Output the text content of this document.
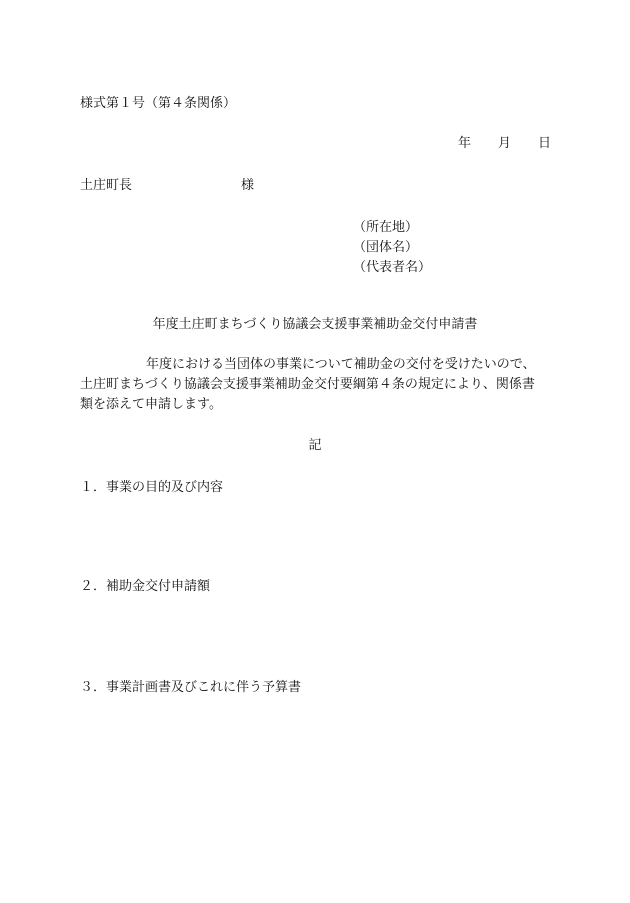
様式第１号（第４条関係）
年 月 日
土庄町長	様
（所在地）
（団体名）
（代表者名）
年度土庄町まちづくり協議会支援事業補助金交付申請書

年度における当団体の事業について補助金の交付を受けたいので、

土庄町まちづくり協議会支援事業補助金交付要綱第４条の規定により、関係書

類を添えて申請します。

記
１．事業の目的及び内容
２．補助金交付申請額
３．事業計画書及びこれに伴う予算書
